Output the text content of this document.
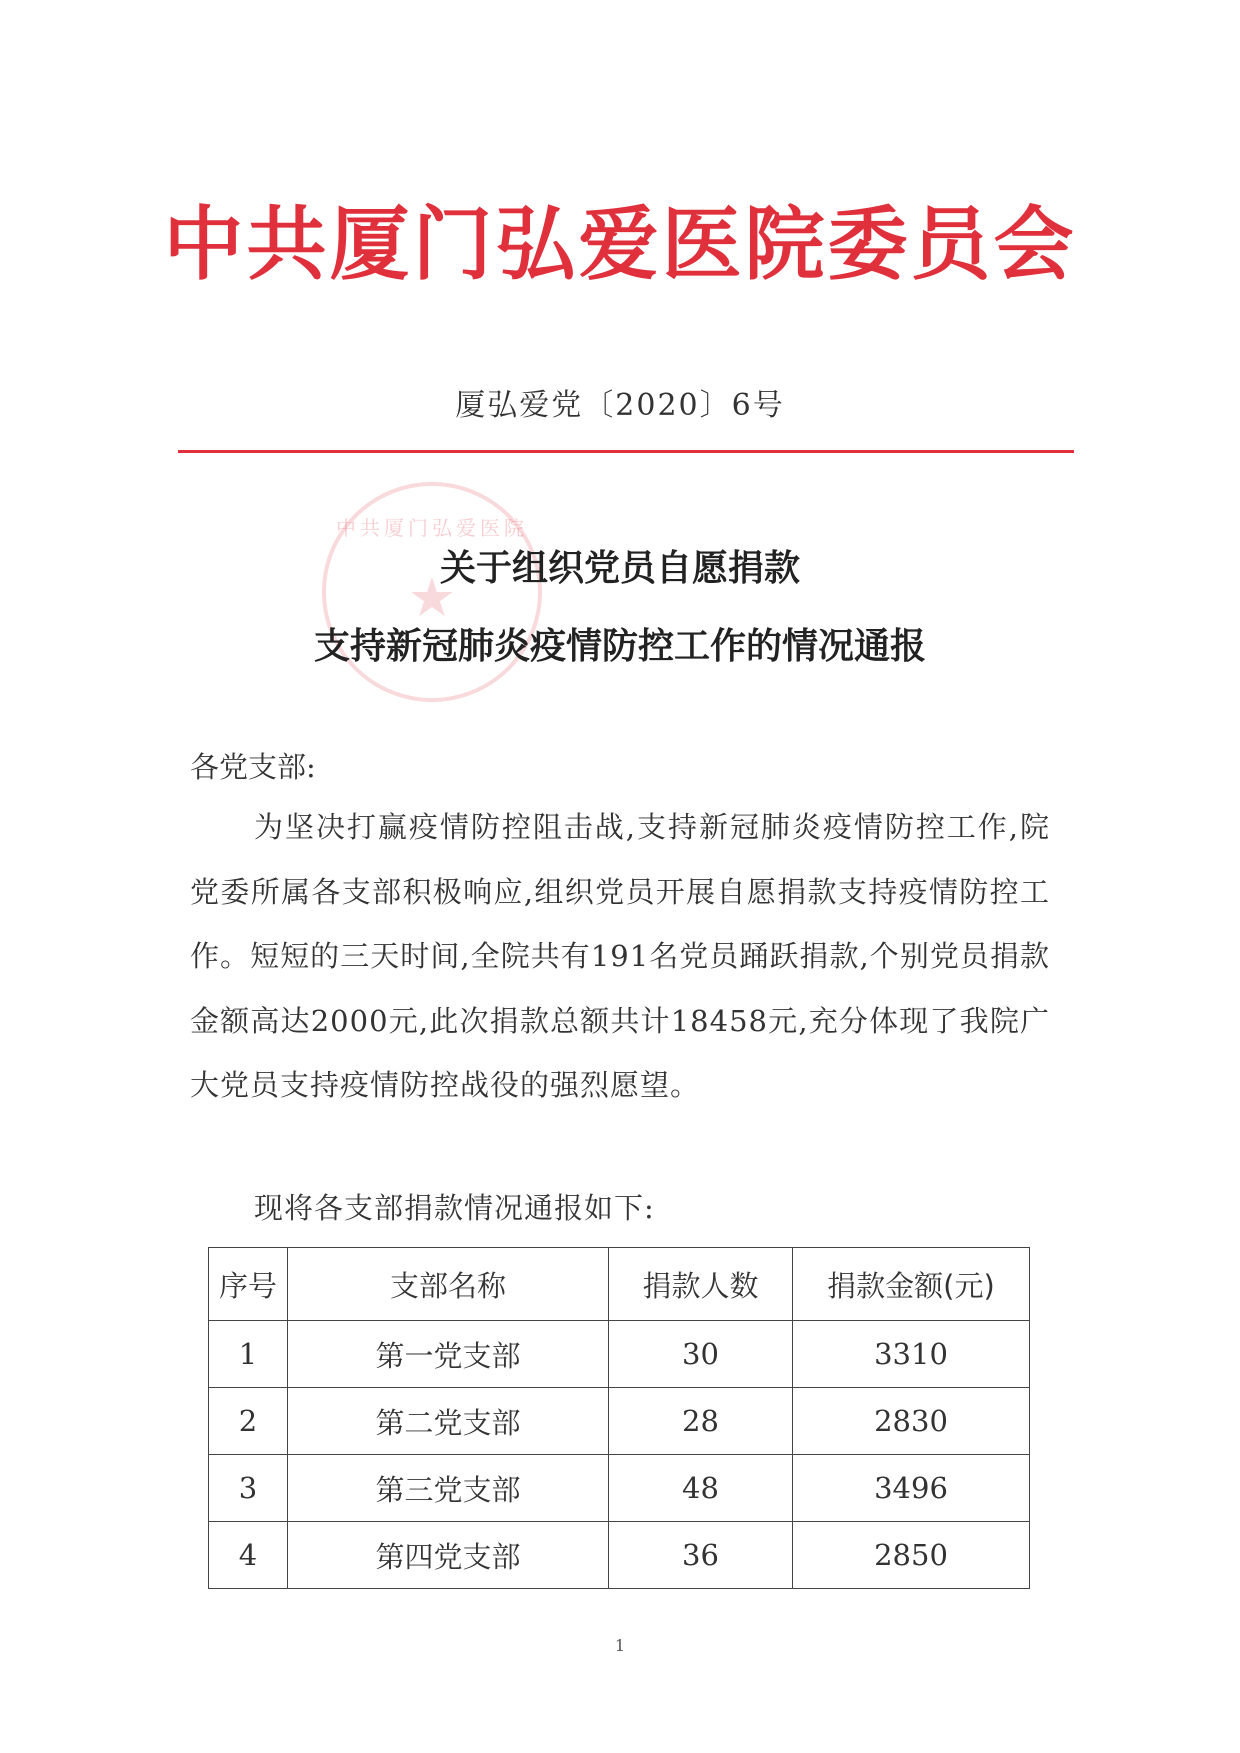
中共厦门弘爱医院委员会
厦弘爱党〔2020〕6号
中共厦门弘爱医院
★
关于组织党员自愿捐款
支持新冠肺炎疫情防控工作的情况通报
各党支部:
为坚决打赢疫情防控阻击战,支持新冠肺炎疫情防控工作,院党委所属各支部积极响应,组织党员开展自愿捐款支持疫情防控工作。短短的三天时间,全院共有191名党员踊跃捐款,个别党员捐款金额高达2000元,此次捐款总额共计18458元,充分体现了我院广大党员支持疫情防控战役的强烈愿望。
现将各支部捐款情况通报如下:
序号	支部名称	捐款人数	捐款金额(元)
1	第一党支部	30	3310
2	第二党支部	28	2830
3	第三党支部	48	3496
4	第四党支部	36	2850
1
